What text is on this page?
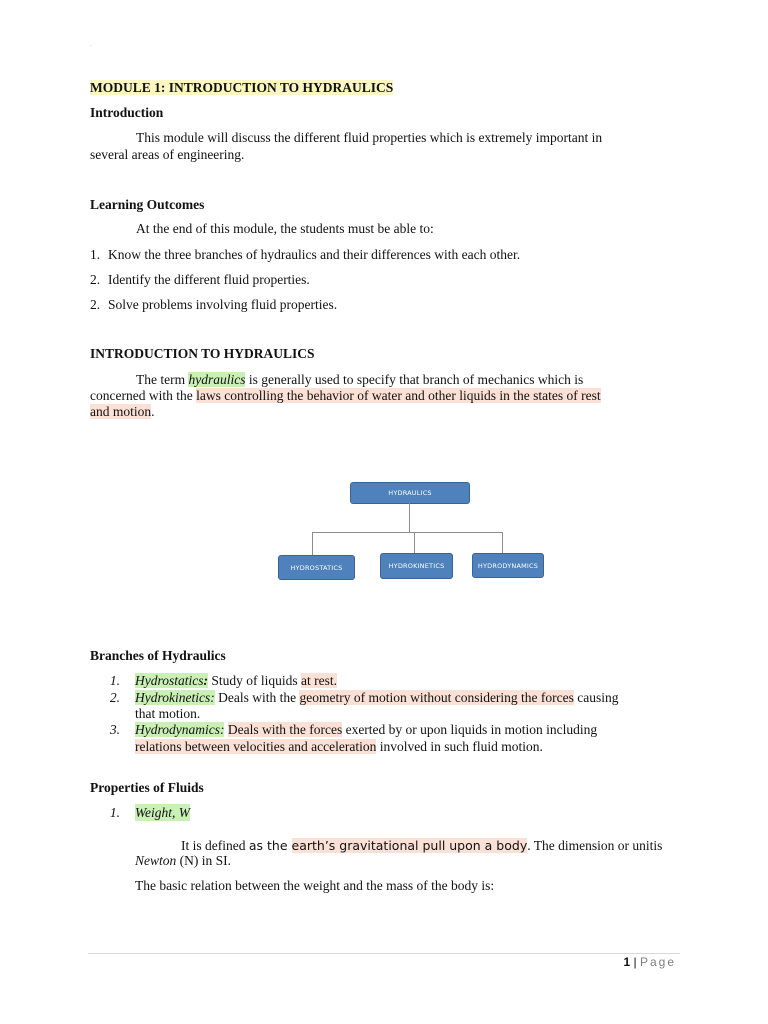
.
MODULE 1: INTRODUCTION TO HYDRAULICS
Introduction
This module will discuss the different fluid properties which is extremely important in
several areas of engineering.
Learning Outcomes
At the end of this module, the students must be able to:
1. Know the three branches of hydraulics and their differences with each other.
2. Identify the different fluid properties.
2. Solve problems involving fluid properties.
INTRODUCTION TO HYDRAULICS
The term hydraulics is generally used to specify that branch of mechanics which is
concerned with the laws controlling the behavior of water and other liquids in the states of rest
and motion.
HYDRAULICS
HYDROSTATICS	HYDROKINETICS	HYDRODYNAMICS
Branches of Hydraulics
1. Hydrostatics: Study of liquids at rest.
2. Hydrokinetics: Deals with the geometry of motion without considering the forces causing
that motion.
3. Hydrodynamics: Deals with the forces exerted by or upon liquids in motion including
relations between velocities and acceleration involved in such fluid motion.
Properties of Fluids
1. Weight, W
It is defined as the earth’s gravitational pull upon a body. The dimension or unitis
Newton (N) in SI.
The basic relation between the weight and the mass of the body is:
1 | Page
